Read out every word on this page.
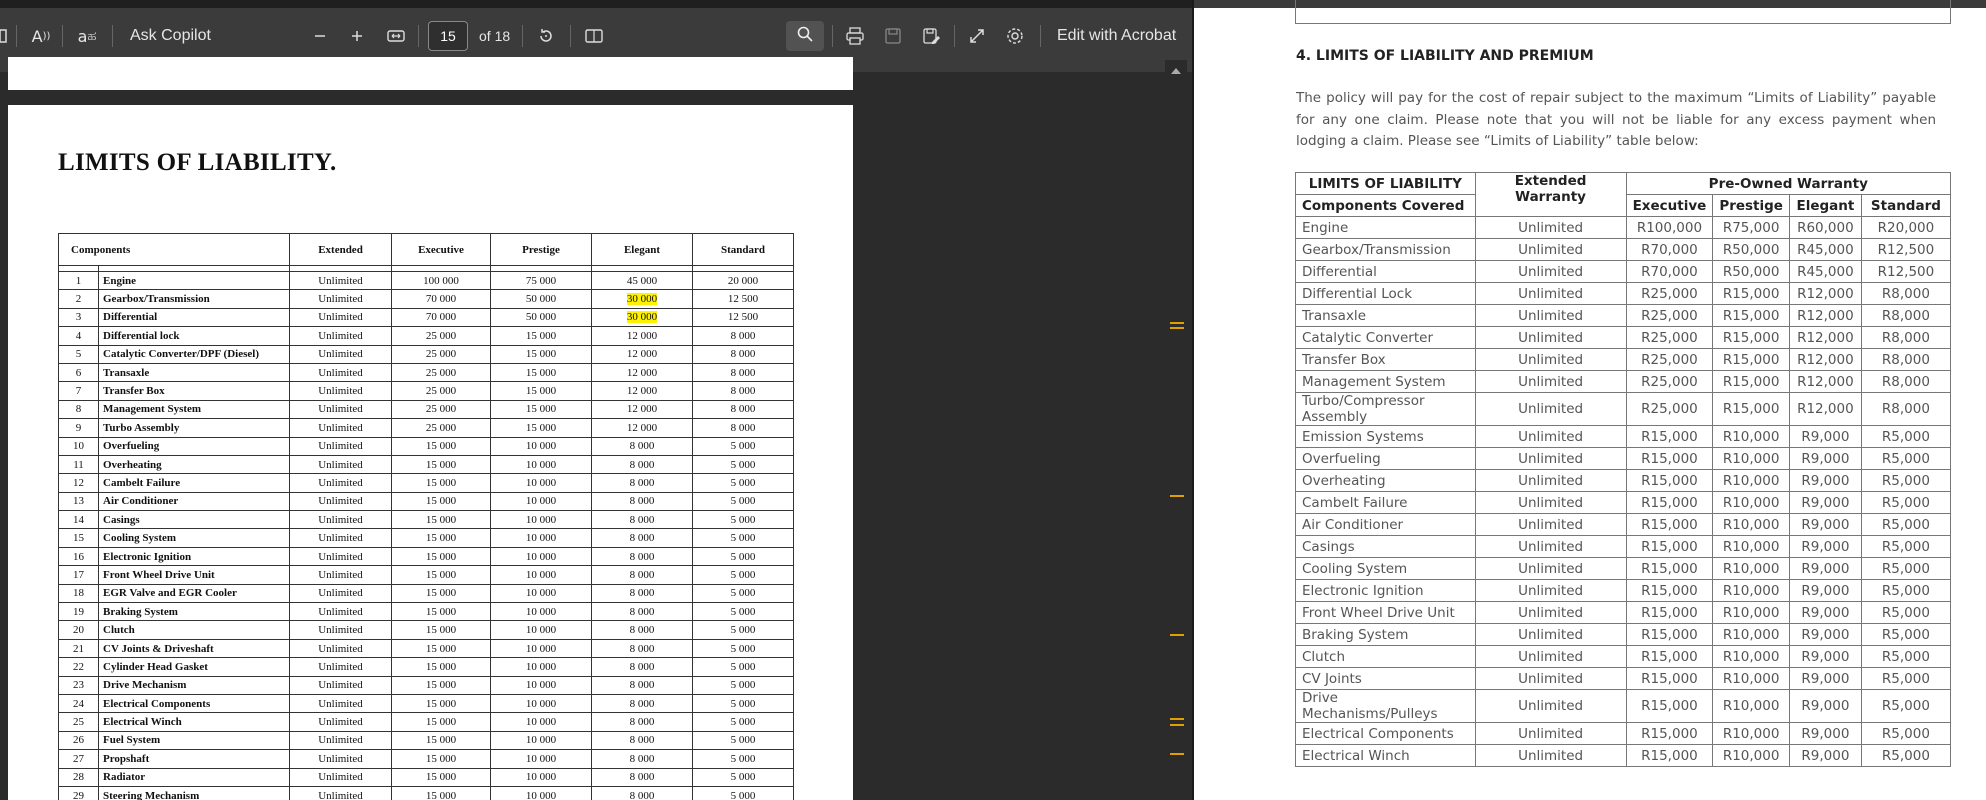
A )) a ಹ Ask Copilot	15	of 18	Edit with Acrobat
LIMITS OF LIABILITY.
Components		Extended	Executive	Prestige	Elegant	Standard

1	Engine	Unlimited	100 000	75 000	45 000	20 000
2	Gearbox/Transmission	Unlimited	70 000	50 000	30 000	12 500
3	Differential	Unlimited	70 000	50 000	30 000	12 500
4	Differential lock	Unlimited	25 000	15 000	12 000	8 000
5	Catalytic Converter/DPF (Diesel)	Unlimited	25 000	15 000	12 000	8 000
6	Transaxle	Unlimited	25 000	15 000	12 000	8 000
7	Transfer Box	Unlimited	25 000	15 000	12 000	8 000
8	Management System	Unlimited	25 000	15 000	12 000	8 000
9	Turbo Assembly	Unlimited	25 000	15 000	12 000	8 000
10	Overfueling	Unlimited	15 000	10 000	8 000	5 000
11	Overheating	Unlimited	15 000	10 000	8 000	5 000
12	Cambelt Failure	Unlimited	15 000	10 000	8 000	5 000
13	Air Conditioner	Unlimited	15 000	10 000	8 000	5 000
14	Casings	Unlimited	15 000	10 000	8 000	5 000
15	Cooling System	Unlimited	15 000	10 000	8 000	5 000
16	Electronic Ignition	Unlimited	15 000	10 000	8 000	5 000
17	Front Wheel Drive Unit	Unlimited	15 000	10 000	8 000	5 000
18	EGR Valve and EGR Cooler	Unlimited	15 000	10 000	8 000	5 000
19	Braking System	Unlimited	15 000	10 000	8 000	5 000
20	Clutch	Unlimited	15 000	10 000	8 000	5 000
21	CV Joints & Driveshaft	Unlimited	15 000	10 000	8 000	5 000
22	Cylinder Head Gasket	Unlimited	15 000	10 000	8 000	5 000
23	Drive Mechanism	Unlimited	15 000	10 000	8 000	5 000
24	Electrical Components	Unlimited	15 000	10 000	8 000	5 000
25	Electrical Winch	Unlimited	15 000	10 000	8 000	5 000
26	Fuel System	Unlimited	15 000	10 000	8 000	5 000
27	Propshaft	Unlimited	15 000	10 000	8 000	5 000
28	Radiator	Unlimited	15 000	10 000	8 000	5 000
29	Steering Mechanism	Unlimited	15 000	10 000	8 000	5 000
4. LIMITS OF LIABILITY AND PREMIUM

The policy will pay for the cost of repair subject to the maximum “Limits of Liability” payable for any one claim. Please note that you will not be liable for any excess payment when lodging a claim. Please see “Limits of Liability” table below:

LIMITS OF LIABILITY	Extended Warranty	Pre-Owned Warranty			
Components Covered		Executive	Prestige	Elegant	Standard
Engine	Unlimited	R100,000	R75,000	R60,000	R20,000
Gearbox/Transmission	Unlimited	R70,000	R50,000	R45,000	R12,500
Differential	Unlimited	R70,000	R50,000	R45,000	R12,500
Differential Lock	Unlimited	R25,000	R15,000	R12,000	R8,000
Transaxle	Unlimited	R25,000	R15,000	R12,000	R8,000
Catalytic Converter	Unlimited	R25,000	R15,000	R12,000	R8,000
Transfer Box	Unlimited	R25,000	R15,000	R12,000	R8,000
Management System	Unlimited	R25,000	R15,000	R12,000	R8,000
Turbo/Compressor Assembly	Unlimited	R25,000	R15,000	R12,000	R8,000
Emission Systems	Unlimited	R15,000	R10,000	R9,000	R5,000
Overfueling	Unlimited	R15,000	R10,000	R9,000	R5,000
Overheating	Unlimited	R15,000	R10,000	R9,000	R5,000
Cambelt Failure	Unlimited	R15,000	R10,000	R9,000	R5,000
Air Conditioner	Unlimited	R15,000	R10,000	R9,000	R5,000
Casings	Unlimited	R15,000	R10,000	R9,000	R5,000
Cooling System	Unlimited	R15,000	R10,000	R9,000	R5,000
Electronic Ignition	Unlimited	R15,000	R10,000	R9,000	R5,000
Front Wheel Drive Unit	Unlimited	R15,000	R10,000	R9,000	R5,000
Braking System	Unlimited	R15,000	R10,000	R9,000	R5,000
Clutch	Unlimited	R15,000	R10,000	R9,000	R5,000
CV Joints	Unlimited	R15,000	R10,000	R9,000	R5,000
Drive Mechanisms/Pulleys	Unlimited	R15,000	R10,000	R9,000	R5,000
Electrical Components	Unlimited	R15,000	R10,000	R9,000	R5,000
Electrical Winch	Unlimited	R15,000	R10,000	R9,000	R5,000
